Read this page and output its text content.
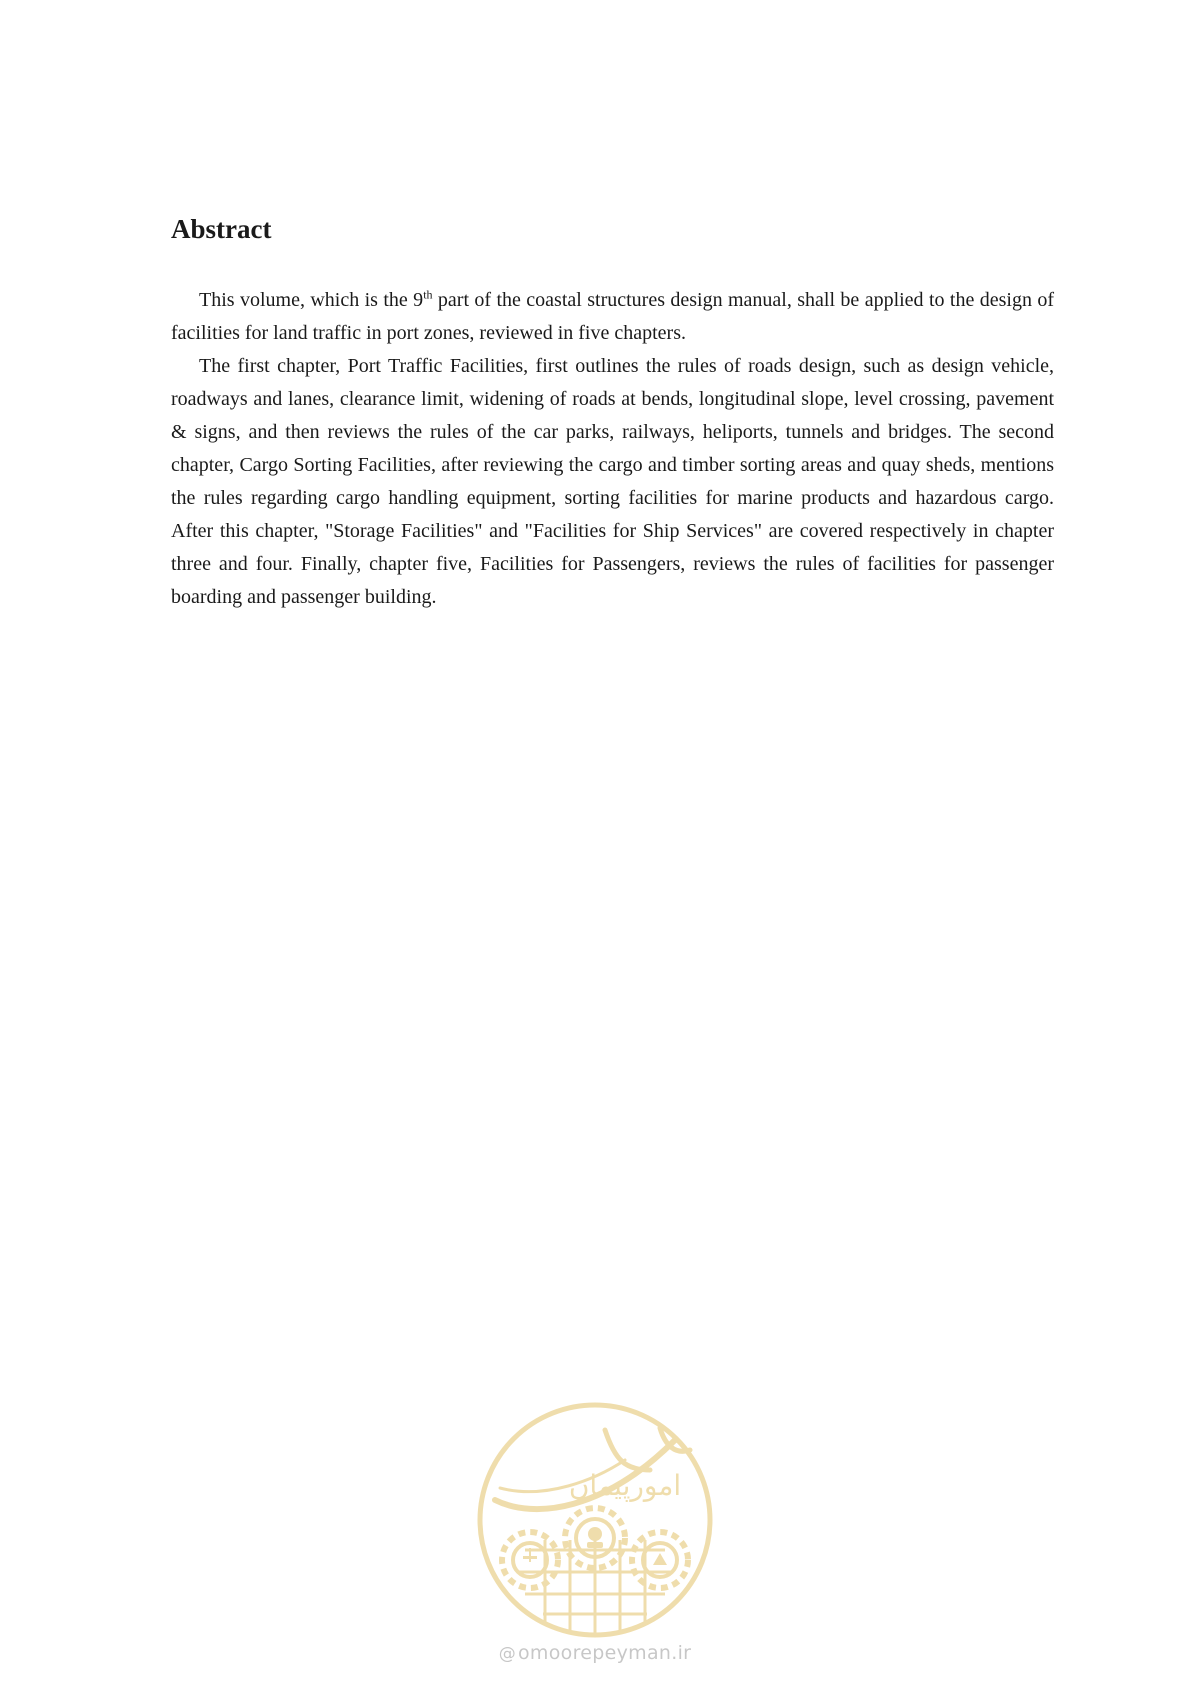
Abstract

This volume, which is the 9th part of the coastal structures design manual, shall be applied to the design of facilities for land traffic in port zones, reviewed in five chapters.

The first chapter, Port Traffic Facilities, first outlines the rules of roads design, such as design vehicle, roadways and lanes, clearance limit, widening of roads at bends, longitudinal slope, level crossing, pavement & signs, and then reviews the rules of the car parks, railways, heliports, tunnels and bridges. The second chapter, Cargo Sorting Facilities, after reviewing the cargo and timber sorting areas and quay sheds, mentions the rules regarding cargo handling equipment, sorting facilities for marine products and hazardous cargo. After this chapter, "Storage Facilities" and "Facilities for Ship Services" are covered respectively in chapter three and four. Finally, chapter five, Facilities for Passengers, reviews the rules of facilities for passenger boarding and passenger building.

امورپیمان
@ omoorepeyman.ir
